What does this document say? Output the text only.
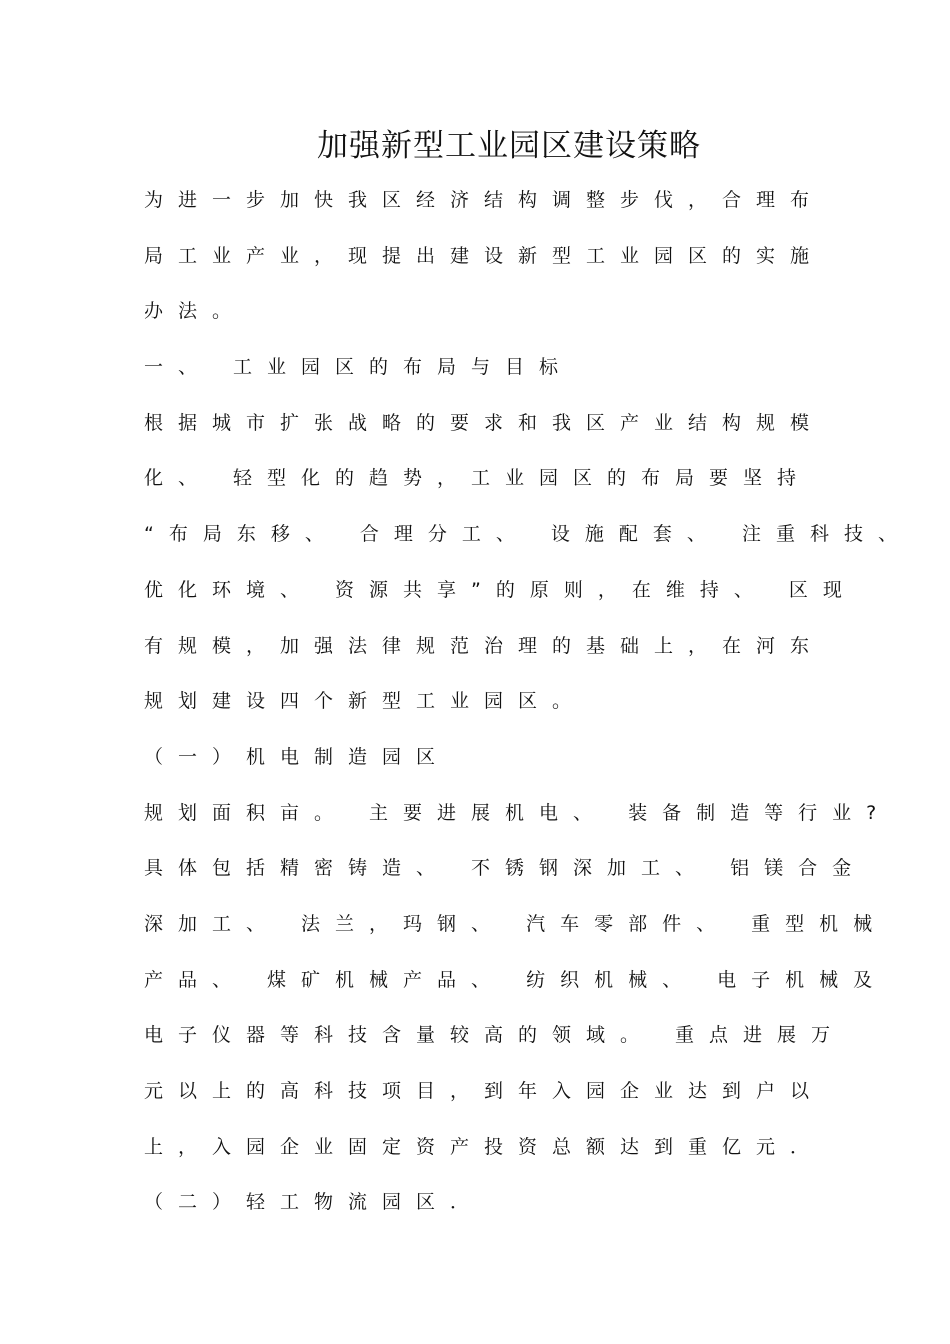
加强新型工业园区建设策略
为进一步加快我区经济结构调整步伐，合理布
局工业产业，现提出建设新型工业园区的实施
办法。
一、 工业园区的布局与目标
根据城市扩张战略的要求和我区产业结构规模
化、 轻型化的趋势，工业园区的布局要坚持
“布局东移、 合理分工、 设施配套、 注重科技、
优化环境、 资源共享”的原则，在维持、 区现
有规模，加强法律规范治理的基础上，在河东
规划建设四个新型工业园区。
（一）机电制造园区
规划面积亩。 主要进展机电、 装备制造等行业?
具体包括精密铸造、 不锈钢深加工、 铝镁合金
深加工、 法兰，玛钢、 汽车零部件、 重型机械
产品、 煤矿机械产品、 纺织机械、 电子机械及
电子仪器等科技含量较高的领域。 重点进展万
元以上的高科技项目，到年入园企业达到户以
上，入园企业固定资产投资总额达到重亿元．
（二）轻工物流园区．
